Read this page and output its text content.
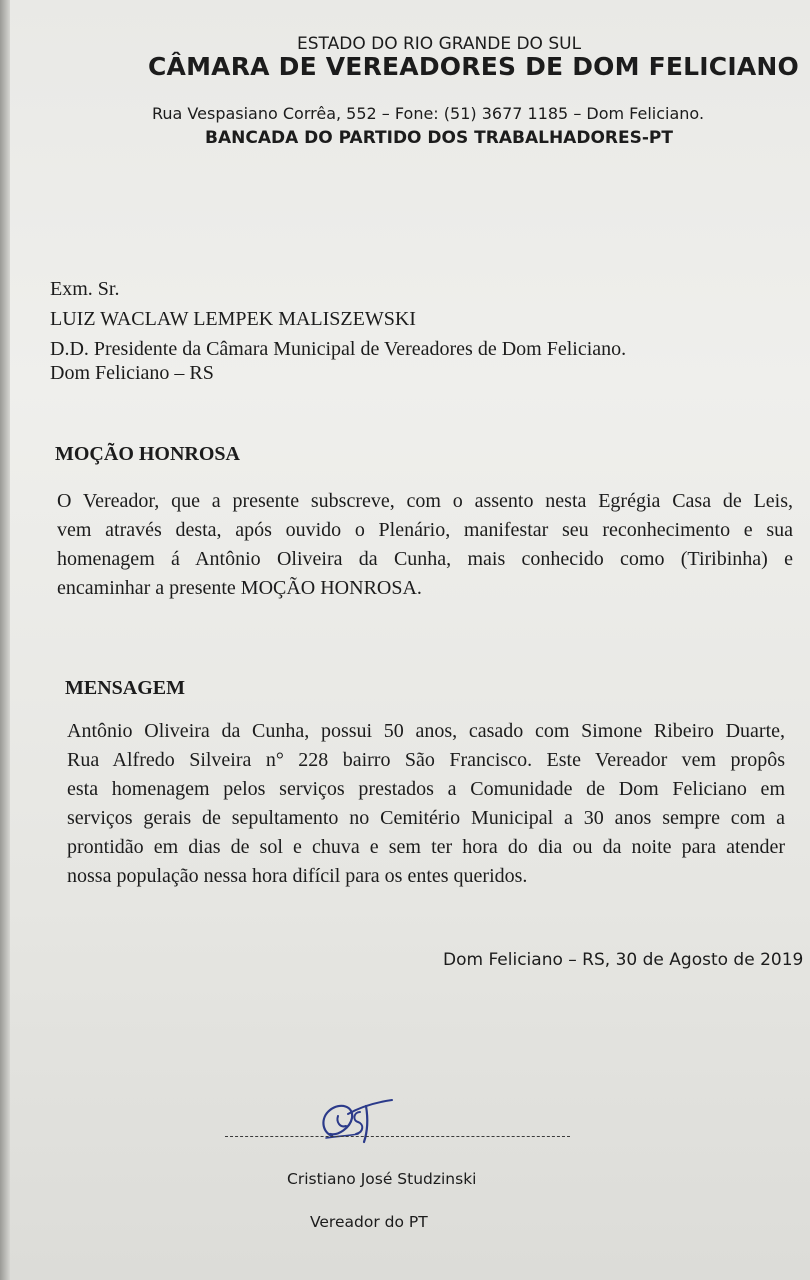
ESTADO DO RIO GRANDE DO SUL
CÂMARA DE VEREADORES DE DOM FELICIANO
Rua Vespasiano Corrêa, 552 – Fone: (51) 3677 1185 – Dom Feliciano.
BANCADA DO PARTIDO DOS TRABALHADORES-PT
Exm. Sr.
LUIZ WACLAW LEMPEK MALISZEWSKI
D.D. Presidente da Câmara Municipal de Vereadores de Dom Feliciano.
Dom Feliciano – RS
MOÇÃO HONROSA
O Vereador, que a presente subscreve, com o assento nesta Egrégia Casa de Leis,
vem através desta, após ouvido o Plenário, manifestar seu reconhecimento e sua
homenagem á Antônio Oliveira da Cunha, mais conhecido como (Tiribinha) e
encaminhar a presente MOÇÃO HONROSA.
MENSAGEM
Antônio Oliveira da Cunha, possui 50 anos, casado com Simone Ribeiro Duarte,
Rua Alfredo Silveira n° 228 bairro São Francisco. Este Vereador vem propôs
esta homenagem pelos serviços prestados a Comunidade de Dom Feliciano em
serviços gerais de sepultamento no Cemitério Municipal a 30 anos sempre com a
prontidão em dias de sol e chuva e sem ter hora do dia ou da noite para atender
nossa população nessa hora difícil para os entes queridos.
Dom Feliciano – RS, 30 de Agosto de 2019
Cristiano José Studzinski
Vereador do PT
